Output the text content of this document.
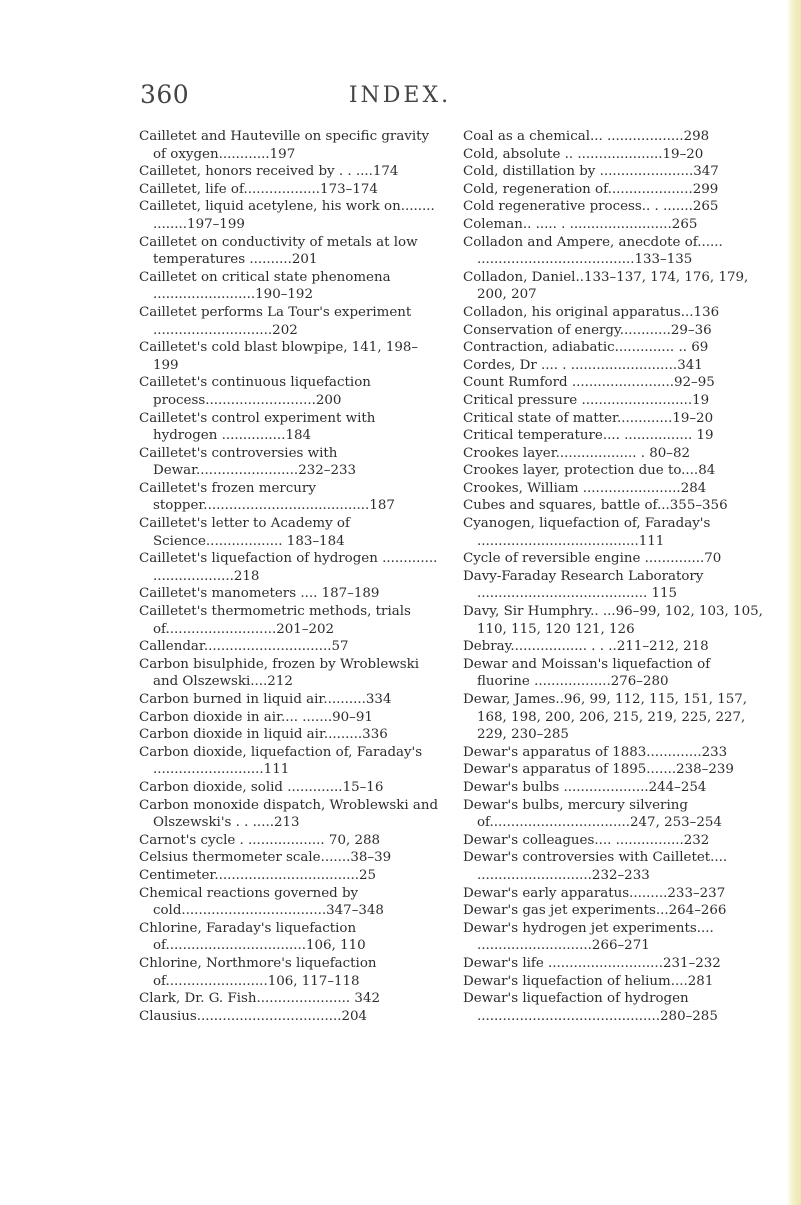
360	INDEX.

Cailletet and Hauteville on specific gravity of oxygen............197

Cailletet, honors received by . . ....174

Cailletet, life of..................173–174

Cailletet, liquid acetylene, his work on........ ........197–199

Cailletet on conductivity of metals at low temperatures ..........201

Cailletet on critical state phenomena ........................190–192

Cailletet performs La Tour's experiment ............................202

Cailletet's cold blast blowpipe, 141, 198–199

Cailletet's continuous liquefaction process..........................200

Cailletet's control experiment with hydrogen ...............184

Cailletet's controversies with Dewar........................232–233

Cailletet's frozen mercury stopper.......................................187

Cailletet's letter to Academy of Science.................. 183–184

Cailletet's liquefaction of hydrogen ............. ...................218

Cailletet's manometers .... 187–189

Cailletet's thermometric methods, trials of..........................201–202

Callendar..............................57

Carbon bisulphide, frozen by Wroblewski and Olszewski....212

Carbon burned in liquid air..........334

Carbon dioxide in air.... .......90–91

Carbon dioxide in liquid air.........336

Carbon dioxide, liquefaction of, Faraday's ..........................111

Carbon dioxide, solid .............15–16

Carbon monoxide dispatch, Wroblewski and Olszewski's . . .....213

Carnot's cycle . .................. 70, 288

Celsius thermometer scale.......38–39

Centimeter..................................25

Chemical reactions governed by cold..................................347–348

Chlorine, Faraday's liquefaction of.................................106, 110

Chlorine, Northmore's liquefaction of........................106, 117–118

Clark, Dr. G. Fish...................... 342

Clausius..................................204

Coal as a chemical... ..................298

Cold, absolute .. ....................19–20

Cold, distillation by ......................347

Cold, regeneration of....................299

Cold regenerative process.. . .......265

Coleman.. ..... . ........................265

Colladon and Ampere, anecdote of...... .....................................133–135

Colladon, Daniel..133–137, 174, 176, 179, 200, 207

Colladon, his original apparatus...136

Conservation of energy............29–36

Contraction, adiabatic.............. .. 69

Cordes, Dr .... . .........................341

Count Rumford ........................92–95

Critical pressure ..........................19

Critical state of matter.............19–20

Critical temperature.... ................ 19

Crookes layer................... . 80–82

Crookes layer, protection due to....84

Crookes, William .......................284

Cubes and squares, battle of...355–356

Cyanogen, liquefaction of, Faraday's ......................................111

Cycle of reversible engine ..............70

Davy-Faraday Research Laboratory ........................................ 115

Davy, Sir Humphry.. ...96–99, 102, 103, 105, 110, 115, 120 121, 126

Debray.................. . . ..211–212, 218

Dewar and Moissan's liquefaction of fluorine ..................276–280

Dewar, James..96, 99, 112, 115, 151, 157, 168, 198, 200, 206, 215, 219, 225, 227, 229, 230–285

Dewar's apparatus of 1883.............233

Dewar's apparatus of 1895.......238–239

Dewar's bulbs ....................244–254

Dewar's bulbs, mercury silvering of.................................247, 253–254

Dewar's colleagues.... ................232

Dewar's controversies with Cailletet.... ...........................232–233

Dewar's early apparatus.........233–237

Dewar's gas jet experiments...264–266

Dewar's hydrogen jet experiments.... ...........................266–271

Dewar's life ...........................231–232

Dewar's liquefaction of helium....281

Dewar's liquefaction of hydrogen ...........................................280–285
